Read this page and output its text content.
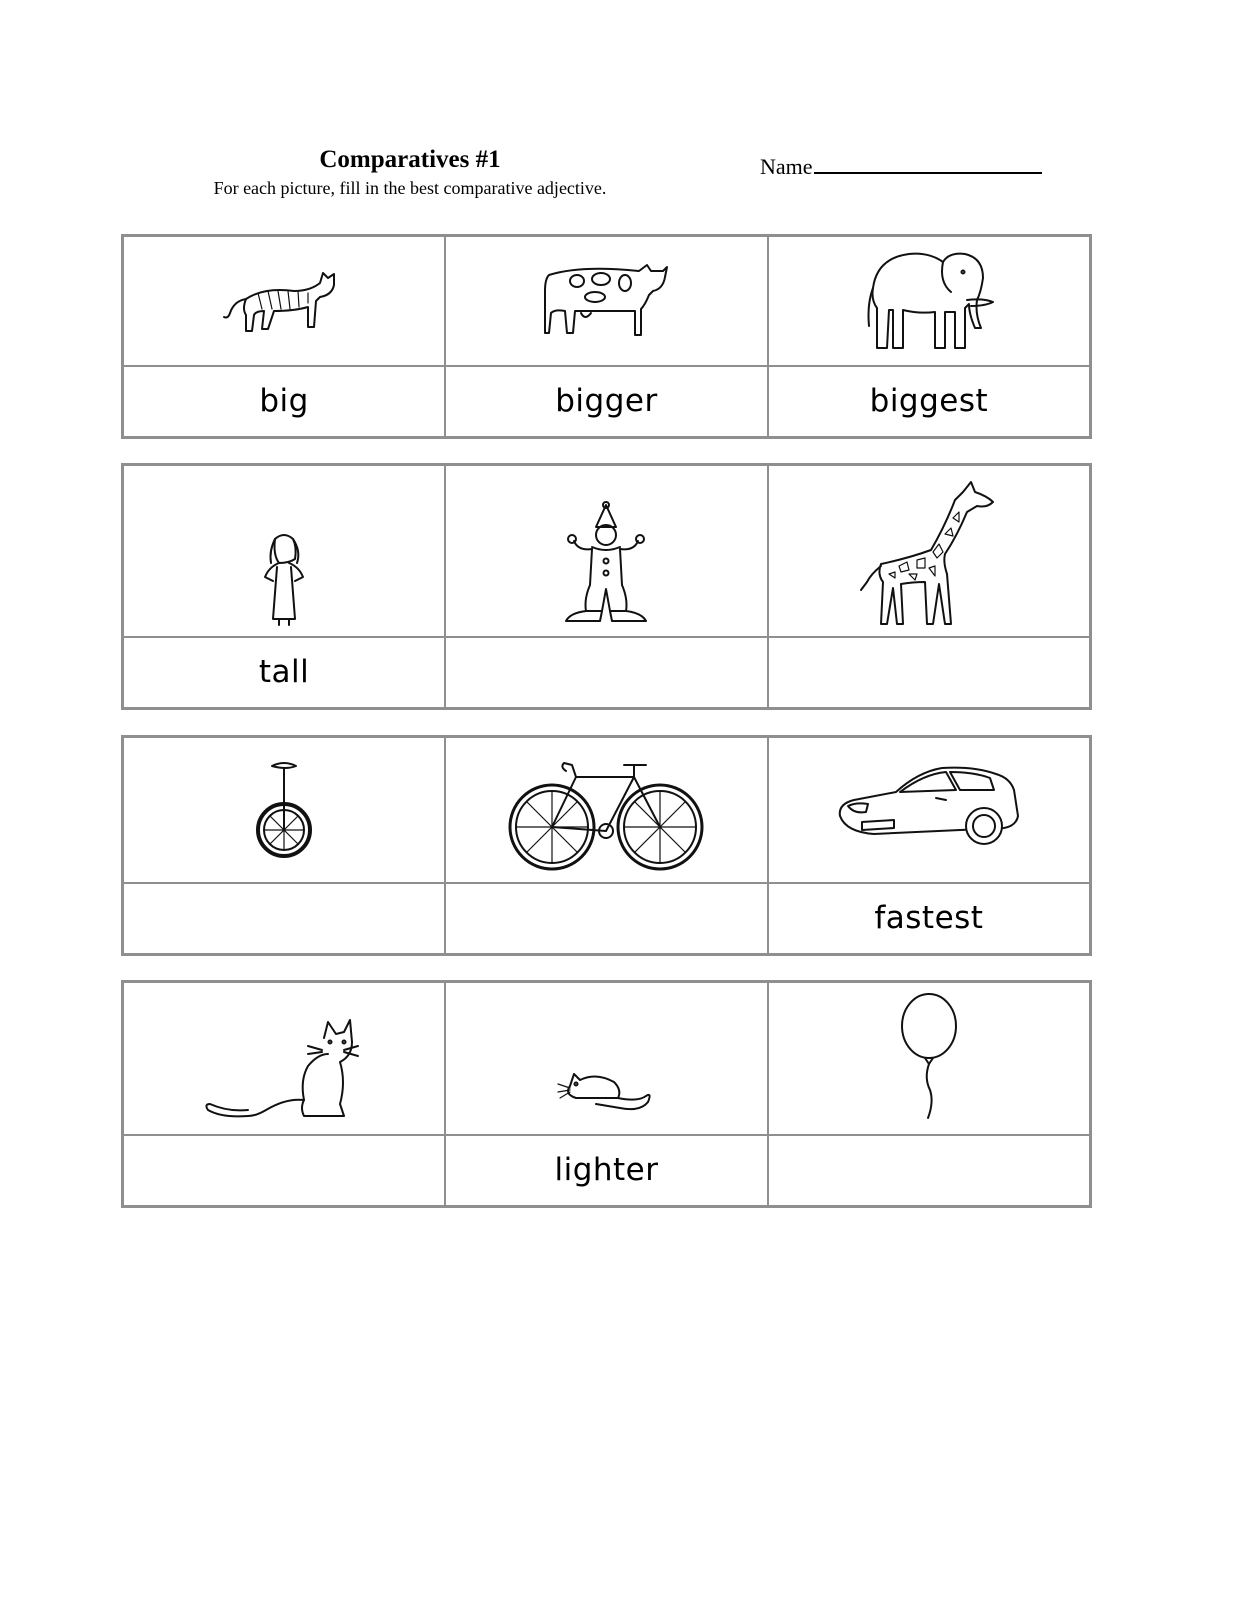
Comparatives #1

For each picture, fill in the best comparative adjective.

Name

big	bigger	biggest

tall		

		fastest

	lighter	
